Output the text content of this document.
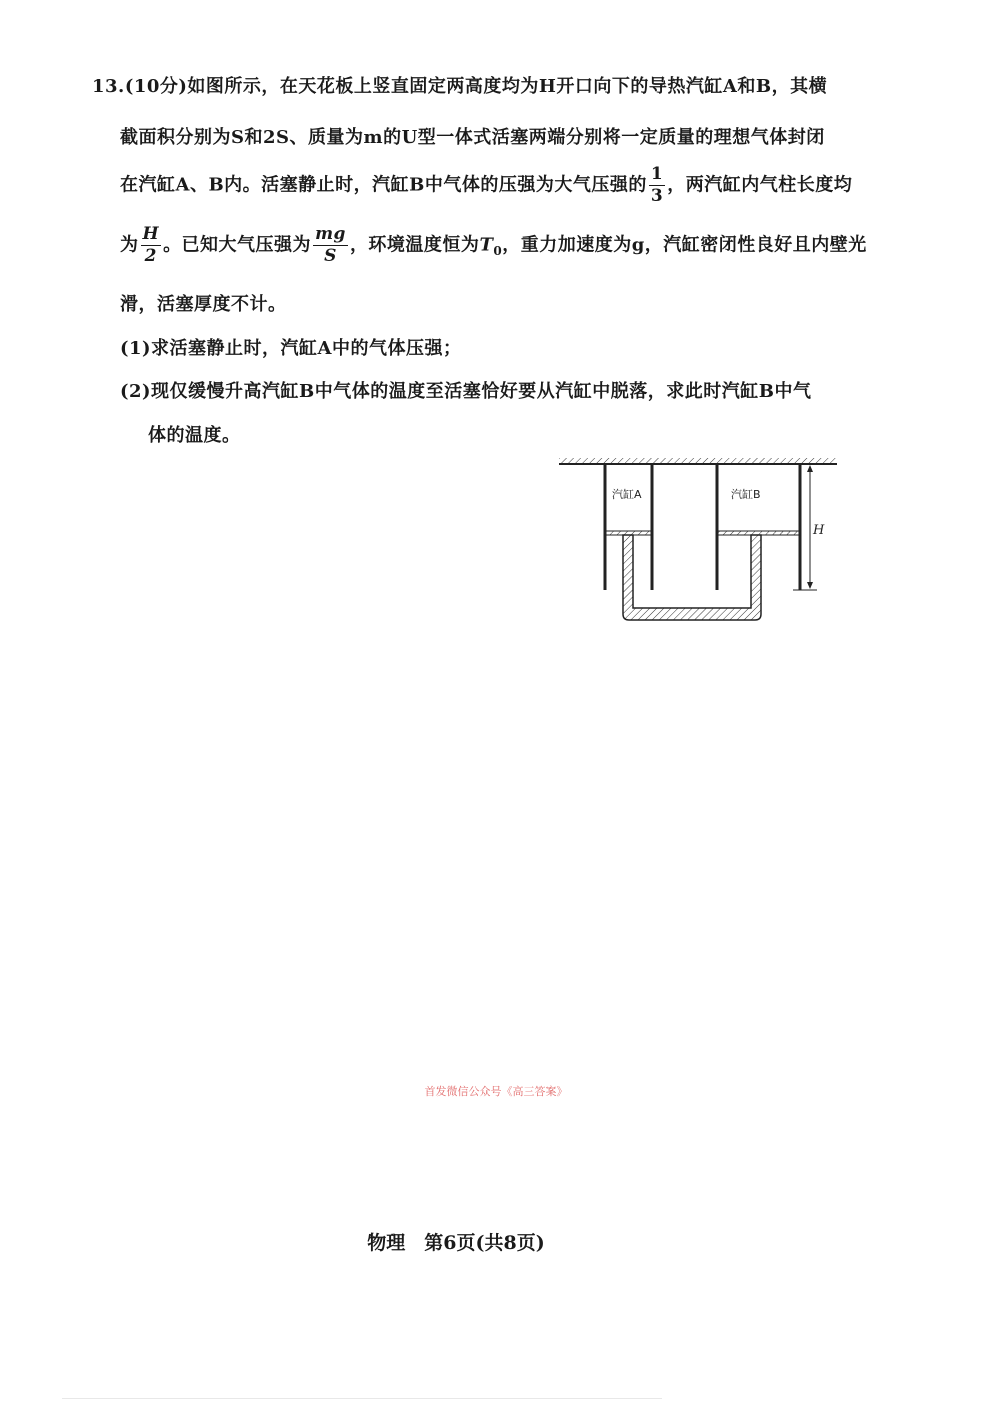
13.(10分)如图所示，在天花板上竖直固定两高度均为H开口向下的导热汽缸A和B，其横
截面积分别为S和2S、质量为m的U型一体式活塞两端分别将一定质量的理想气体封闭
在汽缸A、B内。活塞静止时，汽缸B中气体的压强为大气压强的 $\frac{1}{3}$ ，两汽缸内气柱长度均
为 $\frac{H}{2}$ 。已知大气压强为 $\frac{mg}{S}$ ，环境温度恒为$T_0$，重力加速度为g，汽缸密闭性良好且内壁光
滑，活塞厚度不计。
(1)求活塞静止时，汽缸A中的气体压强；
(2)现仅缓慢升高汽缸B中气体的温度至活塞恰好要从汽缸中脱落，求此时汽缸B中气
体的温度。
汽缸A	汽缸B
H
首发微信公众号《高三答案》
物理　第6页(共8页)
